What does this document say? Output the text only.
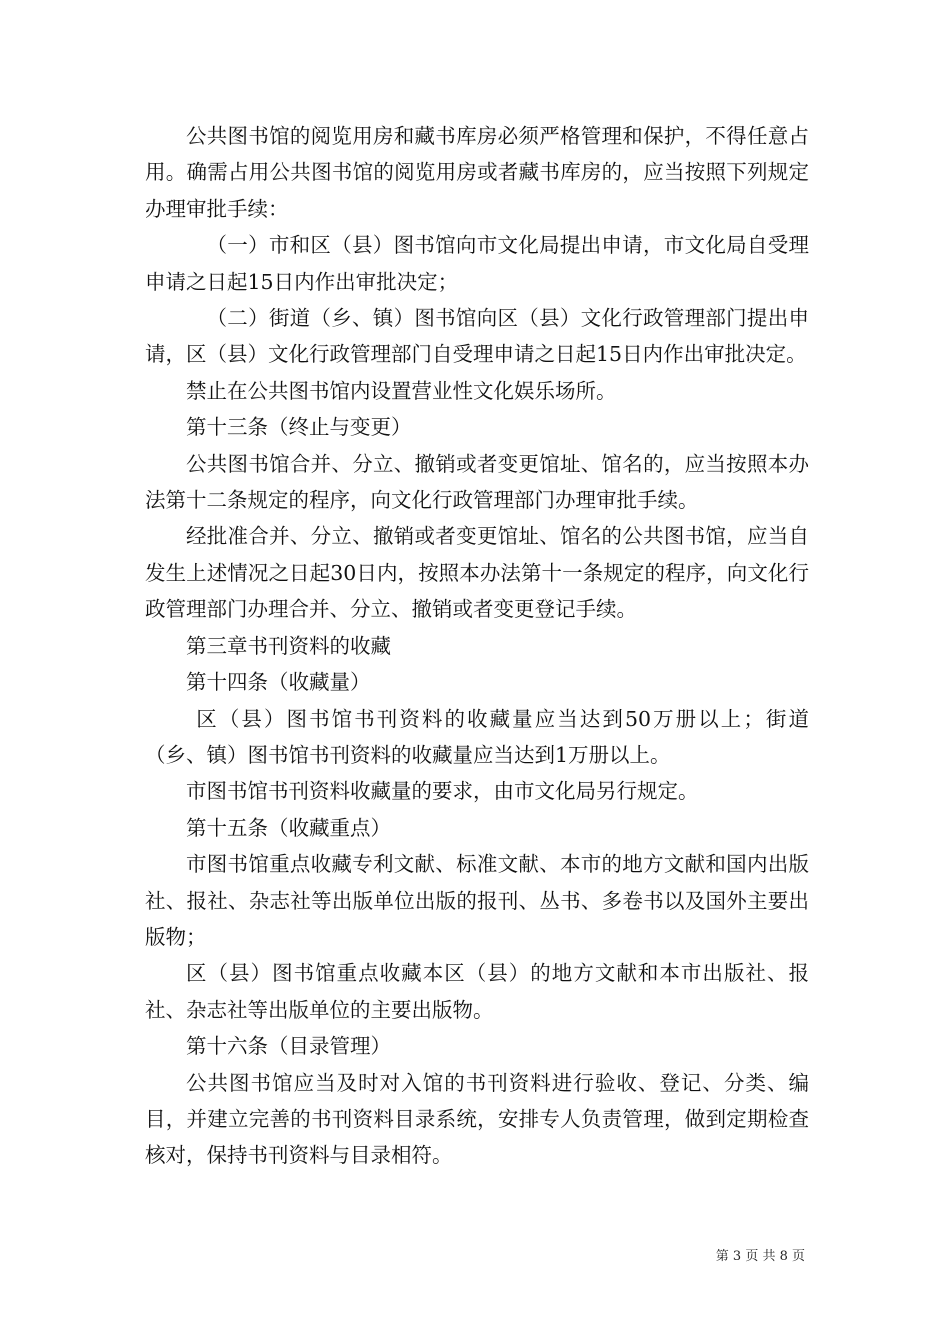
公共图书馆的阅览用房和藏书库房必须严格管理和保护，不得任意占用。确需占用公共图书馆的阅览用房或者藏书库房的，应当按照下列规定办理审批手续：

（一）市和区（县）图书馆向市文化局提出申请，市文化局自受理申请之日起15日内作出审批决定；

（二）街道（乡、镇）图书馆向区（县）文化行政管理部门提出申请，区（县）文化行政管理部门自受理申请之日起15日内作出审批决定。

禁止在公共图书馆内设置营业性文化娱乐场所。

第十三条（终止与变更）

公共图书馆合并、分立、撤销或者变更馆址、馆名的，应当按照本办法第十二条规定的程序，向文化行政管理部门办理审批手续。

经批准合并、分立、撤销或者变更馆址、馆名的公共图书馆，应当自发生上述情况之日起30日内，按照本办法第十一条规定的程序，向文化行政管理部门办理合并、分立、撤销或者变更登记手续。

第三章书刊资料的收藏

第十四条（收藏量）

区（县）图书馆书刊资料的收藏量应当达到50万册以上；街道（乡、镇）图书馆书刊资料的收藏量应当达到1万册以上。

市图书馆书刊资料收藏量的要求，由市文化局另行规定。

第十五条（收藏重点）

市图书馆重点收藏专利文献、标准文献、本市的地方文献和国内出版社、报社、杂志社等出版单位出版的报刊、丛书、多卷书以及国外主要出版物；

区（县）图书馆重点收藏本区（县）的地方文献和本市出版社、报社、杂志社等出版单位的主要出版物。

第十六条（目录管理）

公共图书馆应当及时对入馆的书刊资料进行验收、登记、分类、编目，并建立完善的书刊资料目录系统，安排专人负责管理，做到定期检查核对，保持书刊资料与目录相符。

第 3 页 共 8 页
